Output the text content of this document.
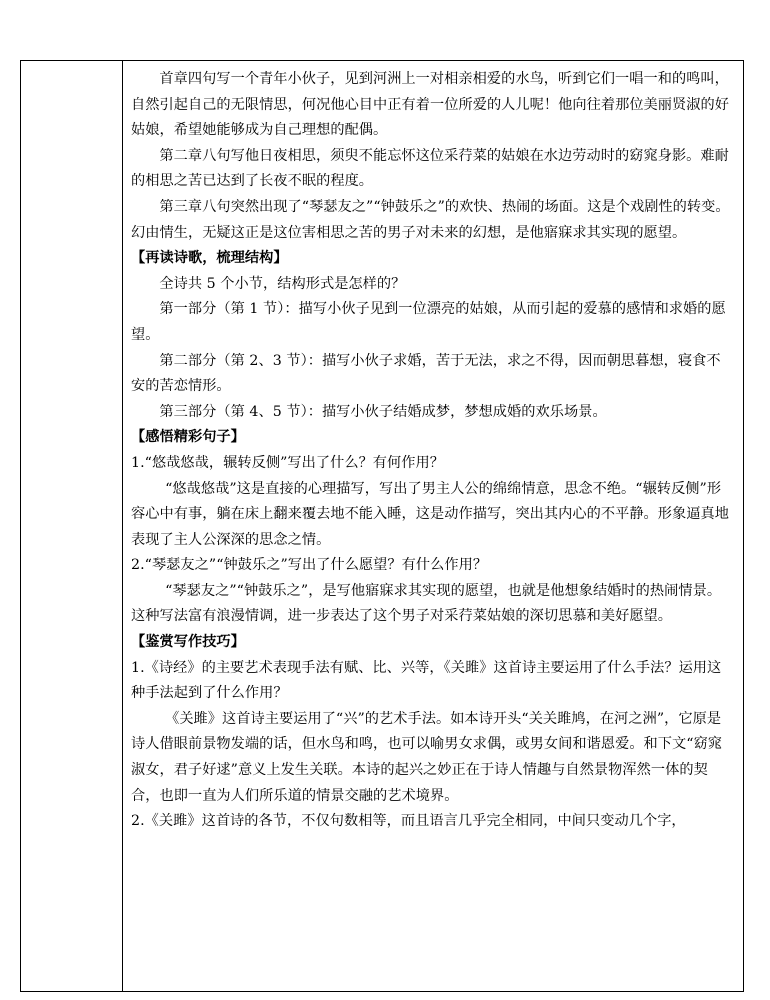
首章四句写一个青年小伙子，见到河洲上一对相亲相爱的水鸟，听到它们一唱一和的鸣叫，自然引起自己的无限情思，何况他心目中正有着一位所爱的人儿呢！他向往着那位美丽贤淑的好姑娘，希望她能够成为自己理想的配偶。

第二章八句写他日夜相思，须臾不能忘怀这位采荇菜的姑娘在水边劳动时的窈窕身影。难耐的相思之苦已达到了长夜不眠的程度。

第三章八句突然出现了“琴瑟友之”“钟鼓乐之”的欢快、热闹的场面。这是个戏剧性的转变。幻由情生，无疑这正是这位害相思之苦的男子对未来的幻想，是他寤寐求其实现的愿望。

【再读诗歌，梳理结构】

全诗共 5 个小节，结构形式是怎样的？

第一部分（第 1 节）：描写小伙子见到一位漂亮的姑娘，从而引起的爱慕的感情和求婚的愿望。

第二部分（第 2、3 节）：描写小伙子求婚，苦于无法，求之不得，因而朝思暮想，寝食不安的苦恋情形。

第三部分（第 4、5 节）：描写小伙子结婚成梦，梦想成婚的欢乐场景。

【感悟精彩句子】

1.“悠哉悠哉，辗转反侧”写出了什么？有何作用？

“悠哉悠哉”这是直接的心理描写，写出了男主人公的绵绵情意，思念不绝。“辗转反侧”形容心中有事，躺在床上翻来覆去地不能入睡，这是动作描写，突出其内心的不平静。形象逼真地表现了主人公深深的思念之情。

2.“琴瑟友之”“钟鼓乐之”写出了什么愿望？有什么作用？

“琴瑟友之”“钟鼓乐之”，是写他寤寐求其实现的愿望，也就是他想象结婚时的热闹情景。这种写法富有浪漫情调，进一步表达了这个男子对采荇菜姑娘的深切思慕和美好愿望。

【鉴赏写作技巧】

1.《诗经》的主要艺术表现手法有赋、比、兴等，《关雎》这首诗主要运用了什么手法？运用这种手法起到了什么作用？

《关雎》这首诗主要运用了“兴”的艺术手法。如本诗开头“关关雎鸠，在河之洲”，它原是诗人借眼前景物发端的话，但水鸟和鸣，也可以喻男女求偶，或男女间和谐恩爱。和下文“窈窕淑女，君子好逑”意义上发生关联。本诗的起兴之妙正在于诗人情趣与自然景物浑然一体的契合，也即一直为人们所乐道的情景交融的艺术境界。

2.《关雎》这首诗的各节，不仅句数相等，而且语言几乎完全相同，中间只变动几个字，
